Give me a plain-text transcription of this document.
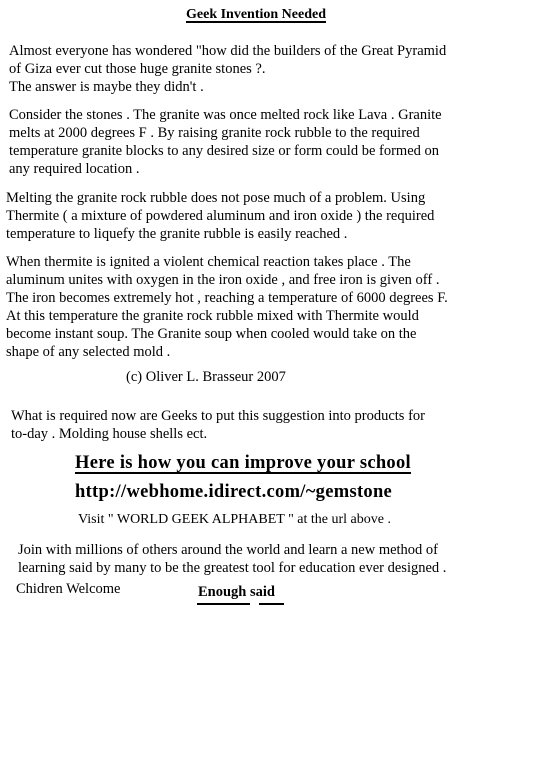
Geek Invention Needed
Almost everyone has wondered "how did the builders of the Great Pyramid
of Giza ever cut those huge granite stones ?.
The answer is maybe they didn't .
Consider the stones . The granite was once melted rock like Lava . Granite
melts at 2000 degrees F . By raising granite rock rubble to the required
temperature granite blocks to any desired size or form could be formed on
any required location .
Melting the granite rock rubble does not pose much of a problem. Using
Thermite ( a mixture of powdered aluminum and iron oxide ) the required
temperature to liquefy the granite rubble is easily reached .
When thermite is ignited a violent chemical reaction takes place . The
aluminum unites with oxygen in the iron oxide , and free iron is given off .
The iron becomes extremely hot , reaching a temperature of 6000 degrees F.
At this temperature the granite rock rubble mixed with Thermite would
become instant soup. The Granite soup when cooled would take on the
shape of any selected mold .
(c) Oliver L. Brasseur 2007
What is required now are Geeks to put this suggestion into products for
to-day . Molding house shells ect.
Here is how you can improve your school
http://webhome.idirect.com/~gemstone
Visit " WORLD GEEK ALPHABET " at the url above .
Join with millions of others around the world and learn a new method of
learning said by many to be the greatest tool for education ever designed .
Chidren Welcome	Enough said
